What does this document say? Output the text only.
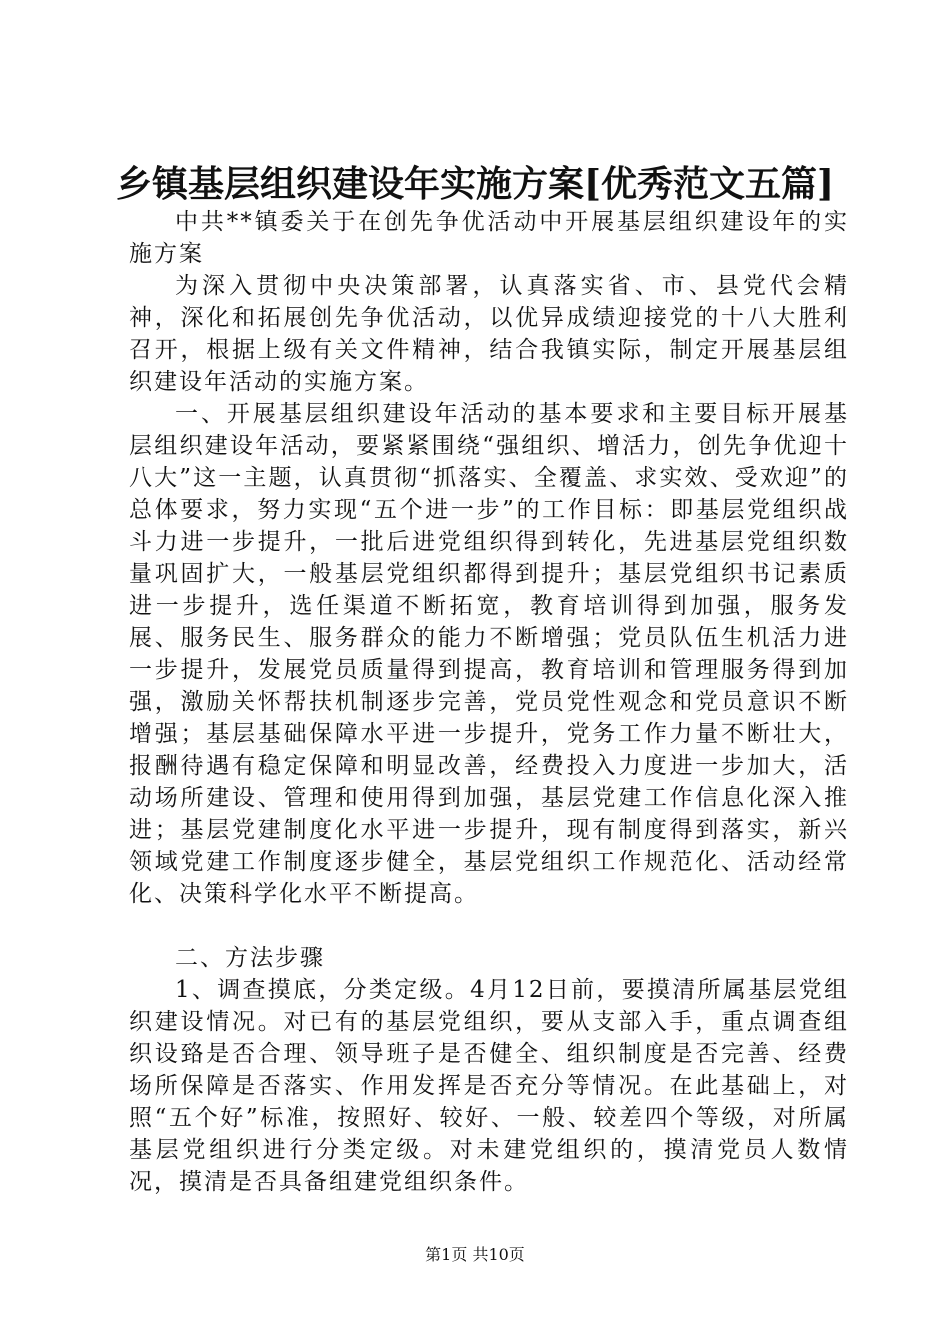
乡镇基层组织建设年实施方案[优秀范文五篇]

中共**镇委关于在创先争优活动中开展基层组织建设年的实施方案

为深入贯彻中央决策部署，认真落实省、市、县党代会精神，深化和拓展创先争优活动，以优异成绩迎接党的十八大胜利召开，根据上级有关文件精神，结合我镇实际，制定开展基层组织建设年活动的实施方案。

一、开展基层组织建设年活动的基本要求和主要目标开展基层组织建设年活动，要紧紧围绕“强组织、增活力，创先争优迎十八大”这一主题，认真贯彻“抓落实、全覆盖、求实效、受欢迎”的总体要求，努力实现“五个进一步”的工作目标：即基层党组织战斗力进一步提升，一批后进党组织得到转化，先进基层党组织数量巩固扩大，一般基层党组织都得到提升；基层党组织书记素质进一步提升，选任渠道不断拓宽，教育培训得到加强，服务发展、服务民生、服务群众的能力不断增强；党员队伍生机活力进一步提升，发展党员质量得到提高，教育培训和管理服务得到加强，激励关怀帮扶机制逐步完善，党员党性观念和党员意识不断增强；基层基础保障水平进一步提升，党务工作力量不断壮大，报酬待遇有稳定保障和明显改善，经费投入力度进一步加大，活动场所建设、管理和使用得到加强，基层党建工作信息化深入推进；基层党建制度化水平进一步提升，现有制度得到落实，新兴领域党建工作制度逐步健全，基层党组织工作规范化、活动经常化、决策科学化水平不断提高。

二、方法步骤

1、调查摸底，分类定级。4月12日前，要摸清所属基层党组织建设情况。对已有的基层党组织，要从支部入手，重点调查组织设臵是否合理、领导班子是否健全、组织制度是否完善、经费场所保障是否落实、作用发挥是否充分等情况。在此基础上，对照“五个好”标准，按照好、较好、一般、较差四个等级，对所属基层党组织进行分类定级。对未建党组织的，摸清党员人数情况，摸清是否具备组建党组织条件。

第1页 共10页
